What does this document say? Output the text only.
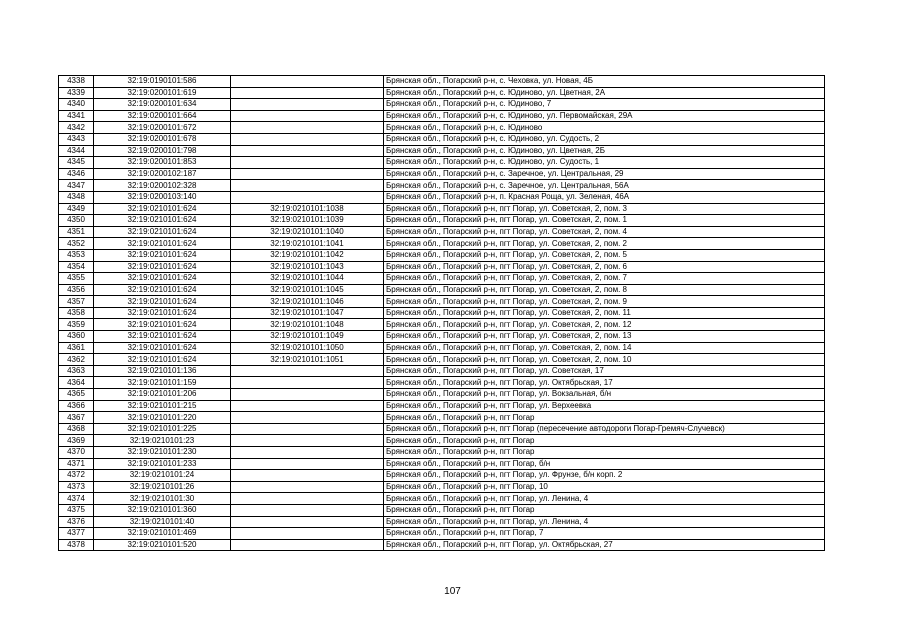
4338	32:19:0190101:586		Брянская обл., Погарский р-н, с. Чеховка, ул. Новая, 4Б
4339	32:19:0200101:619		Брянская обл., Погарский р-н, с. Юдиново, ул. Цветная, 2А
4340	32:19:0200101:634		Брянская обл., Погарский р-н, с. Юдиново, 7
4341	32:19:0200101:664		Брянская обл., Погарский р-н, с. Юдиново, ул. Первомайская, 29А
4342	32:19:0200101:672		Брянская обл., Погарский р-н, с. Юдиново
4343	32:19:0200101:678		Брянская обл., Погарский р-н, с. Юдиново, ул. Судость, 2
4344	32:19:0200101:798		Брянская обл., Погарский р-н, с. Юдиново, ул. Цветная, 2Б
4345	32:19:0200101:853		Брянская обл., Погарский р-н, с. Юдиново, ул. Судость, 1
4346	32:19:0200102:187		Брянская обл., Погарский р-н, с. Заречное, ул. Центральная, 29
4347	32:19:0200102:328		Брянская обл., Погарский р-н, с. Заречное, ул. Центральная, 56А
4348	32:19:0200103:140		Брянская обл., Погарский р-н, п. Красная Роща, ул. Зеленая, 46А
4349	32:19:0210101:624	32:19:0210101:1038	Брянская обл., Погарский р-н, пгт Погар, ул. Советская, 2, пом. 3
4350	32:19:0210101:624	32:19:0210101:1039	Брянская обл., Погарский р-н, пгт Погар, ул. Советская, 2, пом. 1
4351	32:19:0210101:624	32:19:0210101:1040	Брянская обл., Погарский р-н, пгт Погар, ул. Советская, 2, пом. 4
4352	32:19:0210101:624	32:19:0210101:1041	Брянская обл., Погарский р-н, пгт Погар, ул. Советская, 2, пом. 2
4353	32:19:0210101:624	32:19:0210101:1042	Брянская обл., Погарский р-н, пгт Погар, ул. Советская, 2, пом. 5
4354	32:19:0210101:624	32:19:0210101:1043	Брянская обл., Погарский р-н, пгт Погар, ул. Советская, 2, пом. 6
4355	32:19:0210101:624	32:19:0210101:1044	Брянская обл., Погарский р-н, пгт Погар, ул. Советская, 2, пом. 7
4356	32:19:0210101:624	32:19:0210101:1045	Брянская обл., Погарский р-н, пгт Погар, ул. Советская, 2, пом. 8
4357	32:19:0210101:624	32:19:0210101:1046	Брянская обл., Погарский р-н, пгт Погар, ул. Советская, 2, пом. 9
4358	32:19:0210101:624	32:19:0210101:1047	Брянская обл., Погарский р-н, пгт Погар, ул. Советская, 2, пом. 11
4359	32:19:0210101:624	32:19:0210101:1048	Брянская обл., Погарский р-н, пгт Погар, ул. Советская, 2, пом. 12
4360	32:19:0210101:624	32:19:0210101:1049	Брянская обл., Погарский р-н, пгт Погар, ул. Советская, 2, пом. 13
4361	32:19:0210101:624	32:19:0210101:1050	Брянская обл., Погарский р-н, пгт Погар, ул. Советская, 2, пом. 14
4362	32:19:0210101:624	32:19:0210101:1051	Брянская обл., Погарский р-н, пгт Погар, ул. Советская, 2, пом. 10
4363	32:19:0210101:136		Брянская обл., Погарский р-н, пгт Погар, ул. Советская, 17
4364	32:19:0210101:159		Брянская обл., Погарский р-н, пгт Погар, ул. Октябрьская, 17
4365	32:19:0210101:206		Брянская обл., Погарский р-н, пгт Погар, ул. Вокзальная, б/н
4366	32:19:0210101:215		Брянская обл., Погарский р-н, пгт Погар, ул. Верхеевка
4367	32:19:0210101:220		Брянская обл., Погарский р-н, пгт Погар
4368	32:19:0210101:225		Брянская обл., Погарский р-н, пгт Погар (пересечение автодороги Погар-Гремяч-Случевск)
4369	32:19:0210101:23		Брянская обл., Погарский р-н, пгт Погар
4370	32:19:0210101:230		Брянская обл., Погарский р-н, пгт Погар
4371	32:19:0210101:233		Брянская обл., Погарский р-н, пгт Погар, б/н
4372	32:19:0210101:24		Брянская обл., Погарский р-н, пгт Погар, ул. Фрунзе, б/н корп. 2
4373	32:19:0210101:26		Брянская обл., Погарский р-н, пгт Погар, 10
4374	32:19:0210101:30		Брянская обл., Погарский р-н, пгт Погар, ул. Ленина, 4
4375	32:19:0210101:360		Брянская обл., Погарский р-н, пгт Погар
4376	32:19:0210101:40		Брянская обл., Погарский р-н, пгт Погар, ул. Ленина, 4
4377	32:19:0210101:469		Брянская обл., Погарский р-н, пгт Погар, 7
4378	32:19:0210101:520		Брянская обл., Погарский р-н, пгт Погар, ул. Октябрьская, 27
107
